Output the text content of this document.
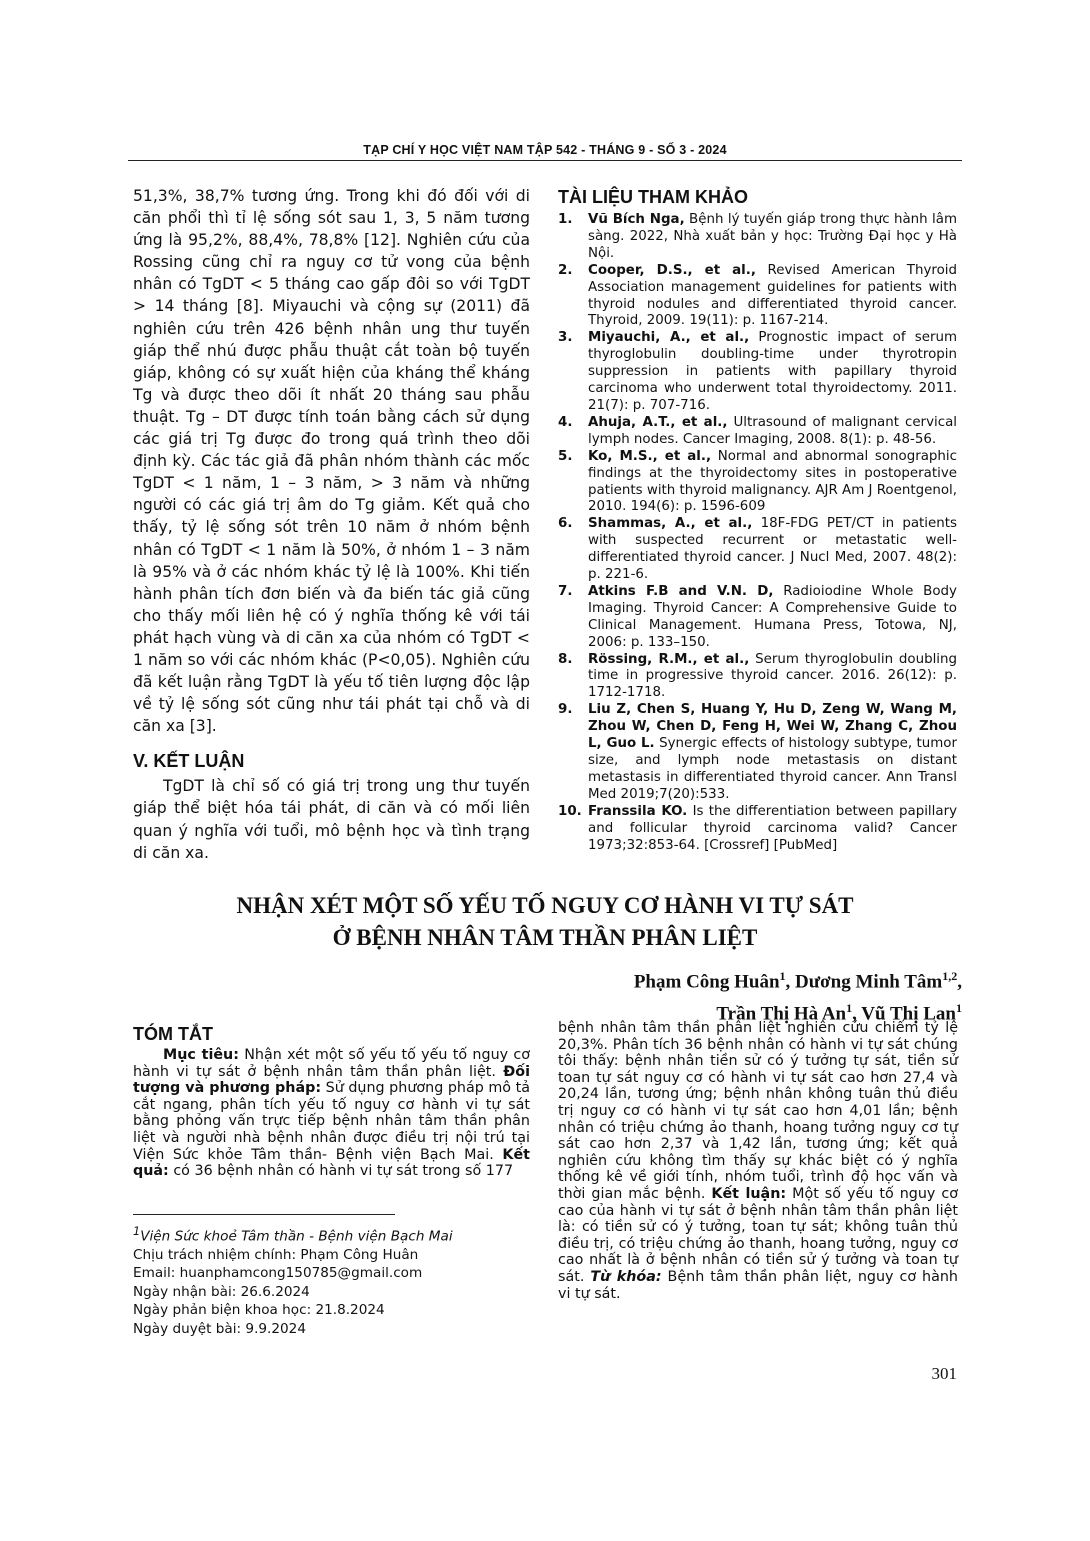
TẠP CHÍ Y HỌC VIỆT NAM TẬP 542 - THÁNG 9 - SỐ 3 - 2024

51,3%, 38,7% tương ứng. Trong khi đó đối với di căn phổi thì tỉ lệ sống sót sau 1, 3, 5 năm tương ứng là 95,2%, 88,4%, 78,8% [12]. Nghiên cứu của Rossing cũng chỉ ra nguy cơ tử vong của bệnh nhân có TgDT < 5 tháng cao gấp đôi so với TgDT > 14 tháng [8]. Miyauchi và cộng sự (2011) đã nghiên cứu trên 426 bệnh nhân ung thư tuyến giáp thể nhú được phẫu thuật cắt toàn bộ tuyến giáp, không có sự xuất hiện của kháng thể kháng Tg và được theo dõi ít nhất 20 tháng sau phẫu thuật. Tg – DT được tính toán bằng cách sử dụng các giá trị Tg được đo trong quá trình theo dõi định kỳ. Các tác giả đã phân nhóm thành các mốc TgDT < 1 năm, 1 – 3 năm, > 3 năm và những người có các giá trị âm do Tg giảm. Kết quả cho thấy, tỷ lệ sống sót trên 10 năm ở nhóm bệnh nhân có TgDT < 1 năm là 50%, ở nhóm 1 – 3 năm là 95% và ở các nhóm khác tỷ lệ là 100%. Khi tiến hành phân tích đơn biến và đa biến tác giả cũng cho thấy mối liên hệ có ý nghĩa thống kê với tái phát hạch vùng và di căn xa của nhóm có TgDT < 1 năm so với các nhóm khác (P<0,05). Nghiên cứu đã kết luận rằng TgDT là yếu tố tiên lượng độc lập về tỷ lệ sống sót cũng như tái phát tại chỗ và di căn xa [3].

V. KẾT LUẬN

TgDT là chỉ số có giá trị trong ung thư tuyến giáp thể biệt hóa tái phát, di căn và có mối liên quan ý nghĩa với tuổi, mô bệnh học và tình trạng di căn xa.

TÀI LIỆU THAM KHẢO
1. Vũ Bích Nga, Bệnh lý tuyến giáp trong thực hành lâm sàng. 2022, Nhà xuất bản y học: Trường Đại học y Hà Nội.
2. Cooper, D.S., et al., Revised American Thyroid Association management guidelines for patients with thyroid nodules and differentiated thyroid cancer. Thyroid, 2009. 19(11): p. 1167-214.
3. Miyauchi, A., et al., Prognostic impact of serum thyroglobulin doubling-time under thyrotropin suppression in patients with papillary thyroid carcinoma who underwent total thyroidectomy. 2011. 21(7): p. 707-716.
4. Ahuja, A.T., et al., Ultrasound of malignant cervical lymph nodes. Cancer Imaging, 2008. 8(1): p. 48-56.
5. Ko, M.S., et al., Normal and abnormal sonographic findings at the thyroidectomy sites in postoperative patients with thyroid malignancy. AJR Am J Roentgenol, 2010. 194(6): p. 1596-609
6. Shammas, A., et al., 18F-FDG PET/CT in patients with suspected recurrent or metastatic well-differentiated thyroid cancer. J Nucl Med, 2007. 48(2): p. 221-6.
7. Atkins F.B and V.N. D, Radioiodine Whole Body Imaging. Thyroid Cancer: A Comprehensive Guide to Clinical Management. Humana Press, Totowa, NJ, 2006: p. 133–150.
8. Rössing, R.M., et al., Serum thyroglobulin doubling time in progressive thyroid cancer. 2016. 26(12): p. 1712-1718.
9. Liu Z, Chen S, Huang Y, Hu D, Zeng W, Wang M, Zhou W, Chen D, Feng H, Wei W, Zhang C, Zhou L, Guo L. Synergic effects of histology subtype, tumor size, and lymph node metastasis on distant metastasis in differentiated thyroid cancer. Ann Transl Med 2019;7(20):533.
10. Franssila KO. Is the differentiation between papillary and follicular thyroid carcinoma valid? Cancer 1973;32:853-64. [Crossref] [PubMed]
NHẬN XÉT MỘT SỐ YẾU TỐ NGUY CƠ HÀNH VI TỰ SÁT
Ở BỆNH NHÂN TÂM THẦN PHÂN LIỆT
Phạm Công Huân$^1$, Dương Minh Tâm$^{1,2}$,
Trần Thị Hà An$^1$, Vũ Thị Lan$^1$
TÓM TẮT

Mục tiêu: Nhận xét một số yếu tố yếu tố nguy cơ hành vi tự sát ở bệnh nhân tâm thần phân liệt. Đối tượng và phương pháp: Sử dụng phương pháp mô tả cắt ngang, phân tích yếu tố nguy cơ hành vi tự sát bằng phỏng vấn trực tiếp bệnh nhân tâm thần phân liệt và người nhà bệnh nhân được điều trị nội trú tại Viện Sức khỏe Tâm thần- Bệnh viện Bạch Mai. Kết quả: có 36 bệnh nhân có hành vi tự sát trong số 177

bệnh nhân tâm thần phân liệt nghiên cứu chiếm tỷ lệ 20,3%. Phân tích 36 bệnh nhân có hành vi tự sát chúng tôi thấy: bệnh nhân tiền sử có ý tưởng tự sát, tiền sử toan tự sát nguy cơ có hành vi tự sát cao hơn 27,4 và 20,24 lần, tương ứng; bệnh nhân không tuân thủ điều trị nguy cơ có hành vi tự sát cao hơn 4,01 lần; bệnh nhân có triệu chứng ảo thanh, hoang tưởng nguy cơ tự sát cao hơn 2,37 và 1,42 lần, tương ứng; kết quả nghiên cứu không tìm thấy sự khác biệt có ý nghĩa thống kê về giới tính, nhóm tuổi, trình độ học vấn và thời gian mắc bệnh. Kết luận: Một số yếu tố nguy cơ cao của hành vi tự sát ở bệnh nhân tâm thần phân liệt là: có tiền sử có ý tưởng, toan tự sát; không tuân thủ điều trị, có triệu chứng ảo thanh, hoang tưởng, nguy cơ cao nhất là ở bệnh nhân có tiền sử ý tưởng và toan tự sát. Từ khóa: Bệnh tâm thần phân liệt, nguy cơ hành vi tự sát.

$^1$Viện Sức khoẻ Tâm thần - Bệnh viện Bạch Mai
Chịu trách nhiệm chính: Phạm Công Huân
Email: huanphamcong150785@gmail.com
Ngày nhận bài: 26.6.2024
Ngày phản biện khoa học: 21.8.2024
Ngày duyệt bài: 9.9.2024
301
